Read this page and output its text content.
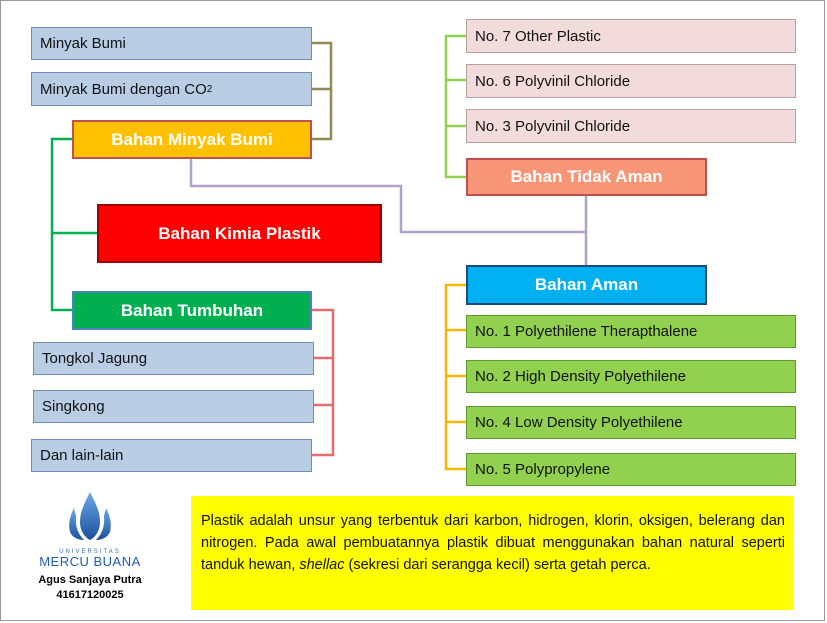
Minyak Bumi
Minyak Bumi dengan CO 2
Bahan Minyak Bumi
Bahan Kimia Plastik
Bahan Tumbuhan
Tongkol Jagung
Singkong
Dan lain-lain
No. 7 Other Plastic
No. 6 Polyvinil Chloride
No. 3 Polyvinil Chloride
Bahan Tidak Aman
Bahan Aman
No. 1 Polyethilene Therapthalene
No. 2 High Density Polyethilene
No. 4 Low Density Polyethilene
No. 5 Polypropylene
UNIVERSITAS
MERCU BUANA
Agus Sanjaya Putra
41617120025
Plastik adalah unsur yang terbentuk dari karbon, hidrogen, klorin, oksigen, belerang dan nitrogen. Pada awal pembuatannya plastik dibuat menggunakan bahan natural seperti tanduk hewan, shellac (sekresi dari serangga kecil) serta getah perca.
